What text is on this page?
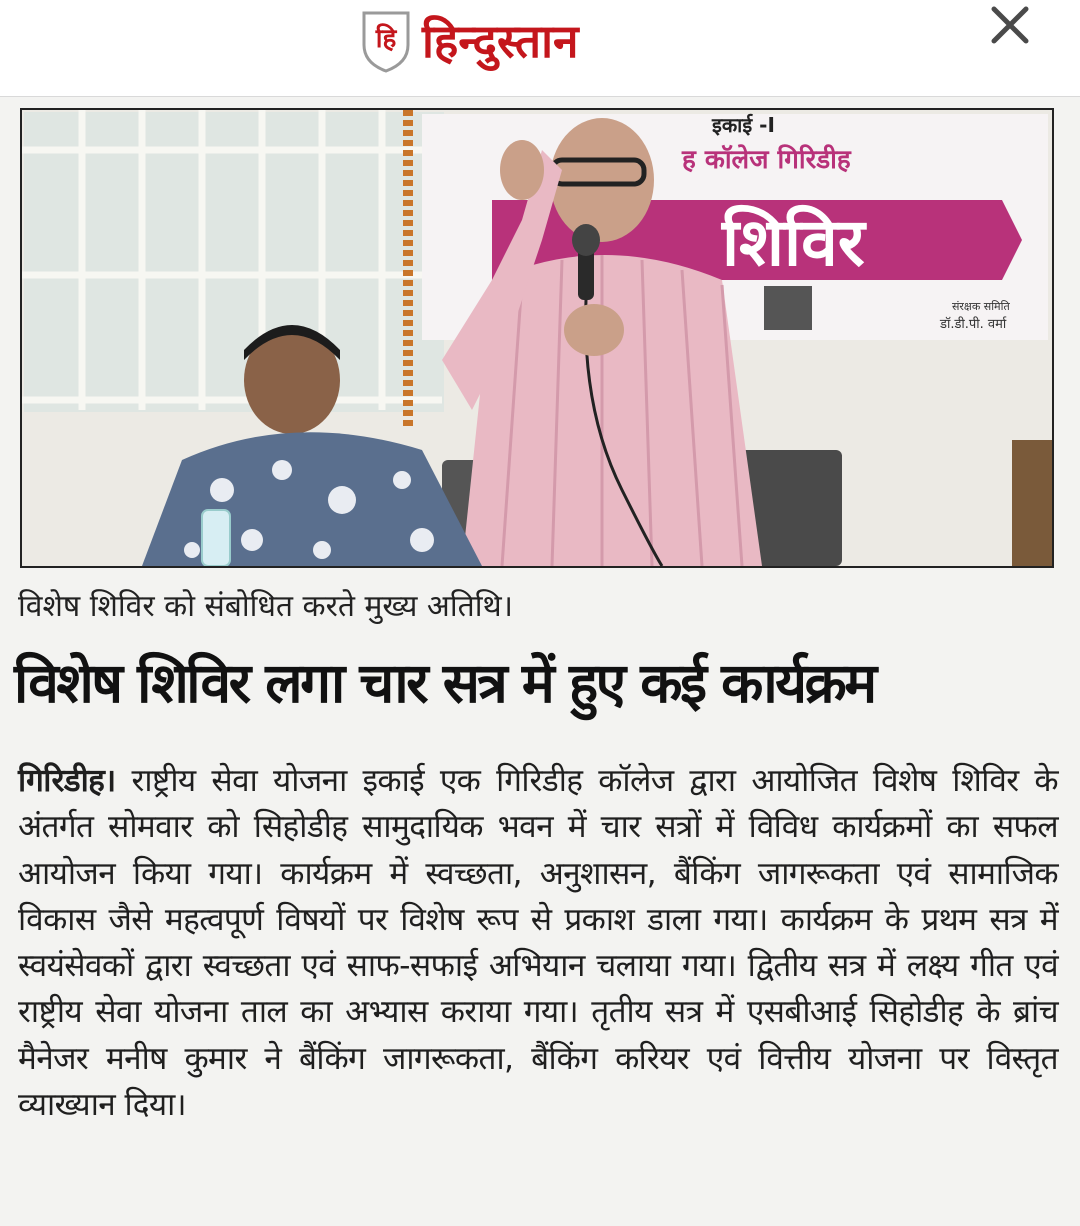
हि हिन्दुस्तान
इकाई -I
ह कॉलेज गिरिडीह
शिविर
संरक्षक समिति
डॉ.डी.पी. वर्मा
विशेष शिविर को संबोधित करते मुख्य अतिथि।
विशेष शिविर लगा चार सत्र में हुए कई कार्यक्रम
गिरिडीह। राष्ट्रीय सेवा योजना इकाई एक गिरिडीह कॉलेज द्वारा आयोजित विशेष शिविर के अंतर्गत सोमवार को सिहोडीह सामुदायिक भवन में चार सत्रों में विविध कार्यक्रमों का सफल आयोजन किया गया। कार्यक्रम में स्वच्छता, अनुशासन, बैंकिंग जागरूकता एवं सामाजिक विकास जैसे महत्वपूर्ण विषयों पर विशेष रूप से प्रकाश डाला गया। कार्यक्रम के प्रथम सत्र में स्वयंसेवकों द्वारा स्वच्छता एवं साफ-सफाई अभियान चलाया गया। द्वितीय सत्र में लक्ष्य गीत एवं राष्ट्रीय सेवा योजना ताल का अभ्यास कराया गया। तृतीय सत्र में एसबीआई सिहोडीह के ब्रांच मैनेजर मनीष कुमार ने बैंकिंग जागरूकता, बैंकिंग करियर एवं वित्तीय योजना पर विस्तृत व्याख्यान दिया।
